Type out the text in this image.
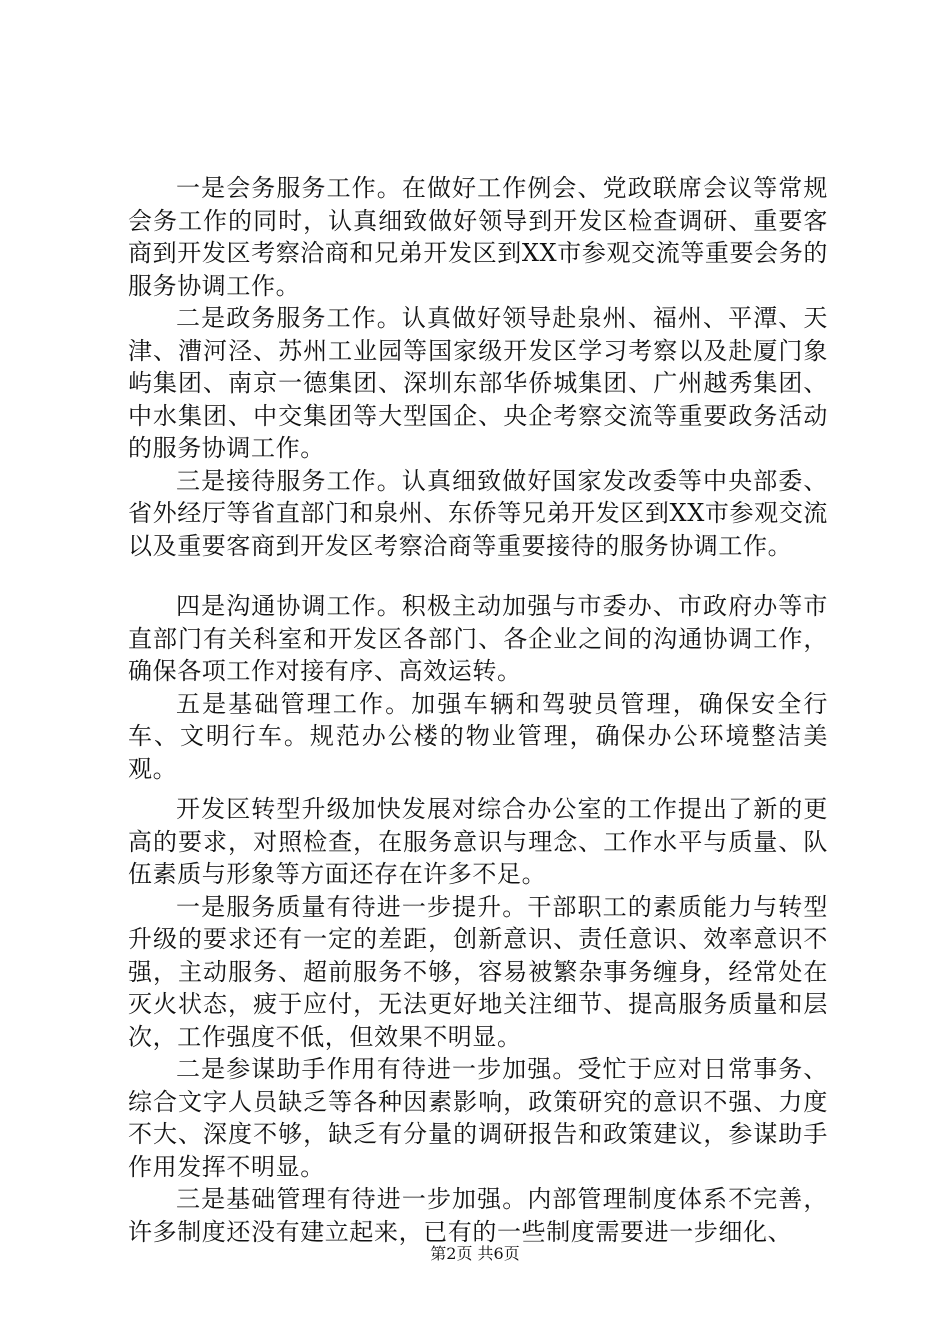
一是会务服务工作。在做好工作例会、党政联席会议等常规会务工作的同时，认真细致做好领导到开发区检查调研、重要客商到开发区考察洽商和兄弟开发区到XX市参观交流等重要会务的服务协调工作。

二是政务服务工作。认真做好领导赴泉州、福州、平潭、天津、漕河泾、苏州工业园等国家级开发区学习考察以及赴厦门象屿集团、南京一德集团、深圳东部华侨城集团、广州越秀集团、中水集团、中交集团等大型国企、央企考察交流等重要政务活动的服务协调工作。

三是接待服务工作。认真细致做好国家发改委等中央部委、省外经厅等省直部门和泉州、东侨等兄弟开发区到XX市参观交流以及重要客商到开发区考察洽商等重要接待的服务协调工作。

四是沟通协调工作。积极主动加强与市委办、市政府办等市直部门有关科室和开发区各部门、各企业之间的沟通协调工作，确保各项工作对接有序、高效运转。

五是基础管理工作。加强车辆和驾驶员管理，确保安全行车、文明行车。规范办公楼的物业管理，确保办公环境整洁美观。

开发区转型升级加快发展对综合办公室的工作提出了新的更高的要求，对照检查，在服务意识与理念、工作水平与质量、队伍素质与形象等方面还存在许多不足。

一是服务质量有待进一步提升。干部职工的素质能力与转型升级的要求还有一定的差距，创新意识、责任意识、效率意识不强，主动服务、超前服务不够，容易被繁杂事务缠身，经常处在灭火状态，疲于应付，无法更好地关注细节、提高服务质量和层次，工作强度不低，但效果不明显。

二是参谋助手作用有待进一步加强。受忙于应对日常事务、综合文字人员缺乏等各种因素影响，政策研究的意识不强、力度不大、深度不够，缺乏有分量的调研报告和政策建议，参谋助手作用发挥不明显。

三是基础管理有待进一步加强。内部管理制度体系不完善，许多制度还没有建立起来，已有的一些制度需要进一步细化、

第2页 共6页
